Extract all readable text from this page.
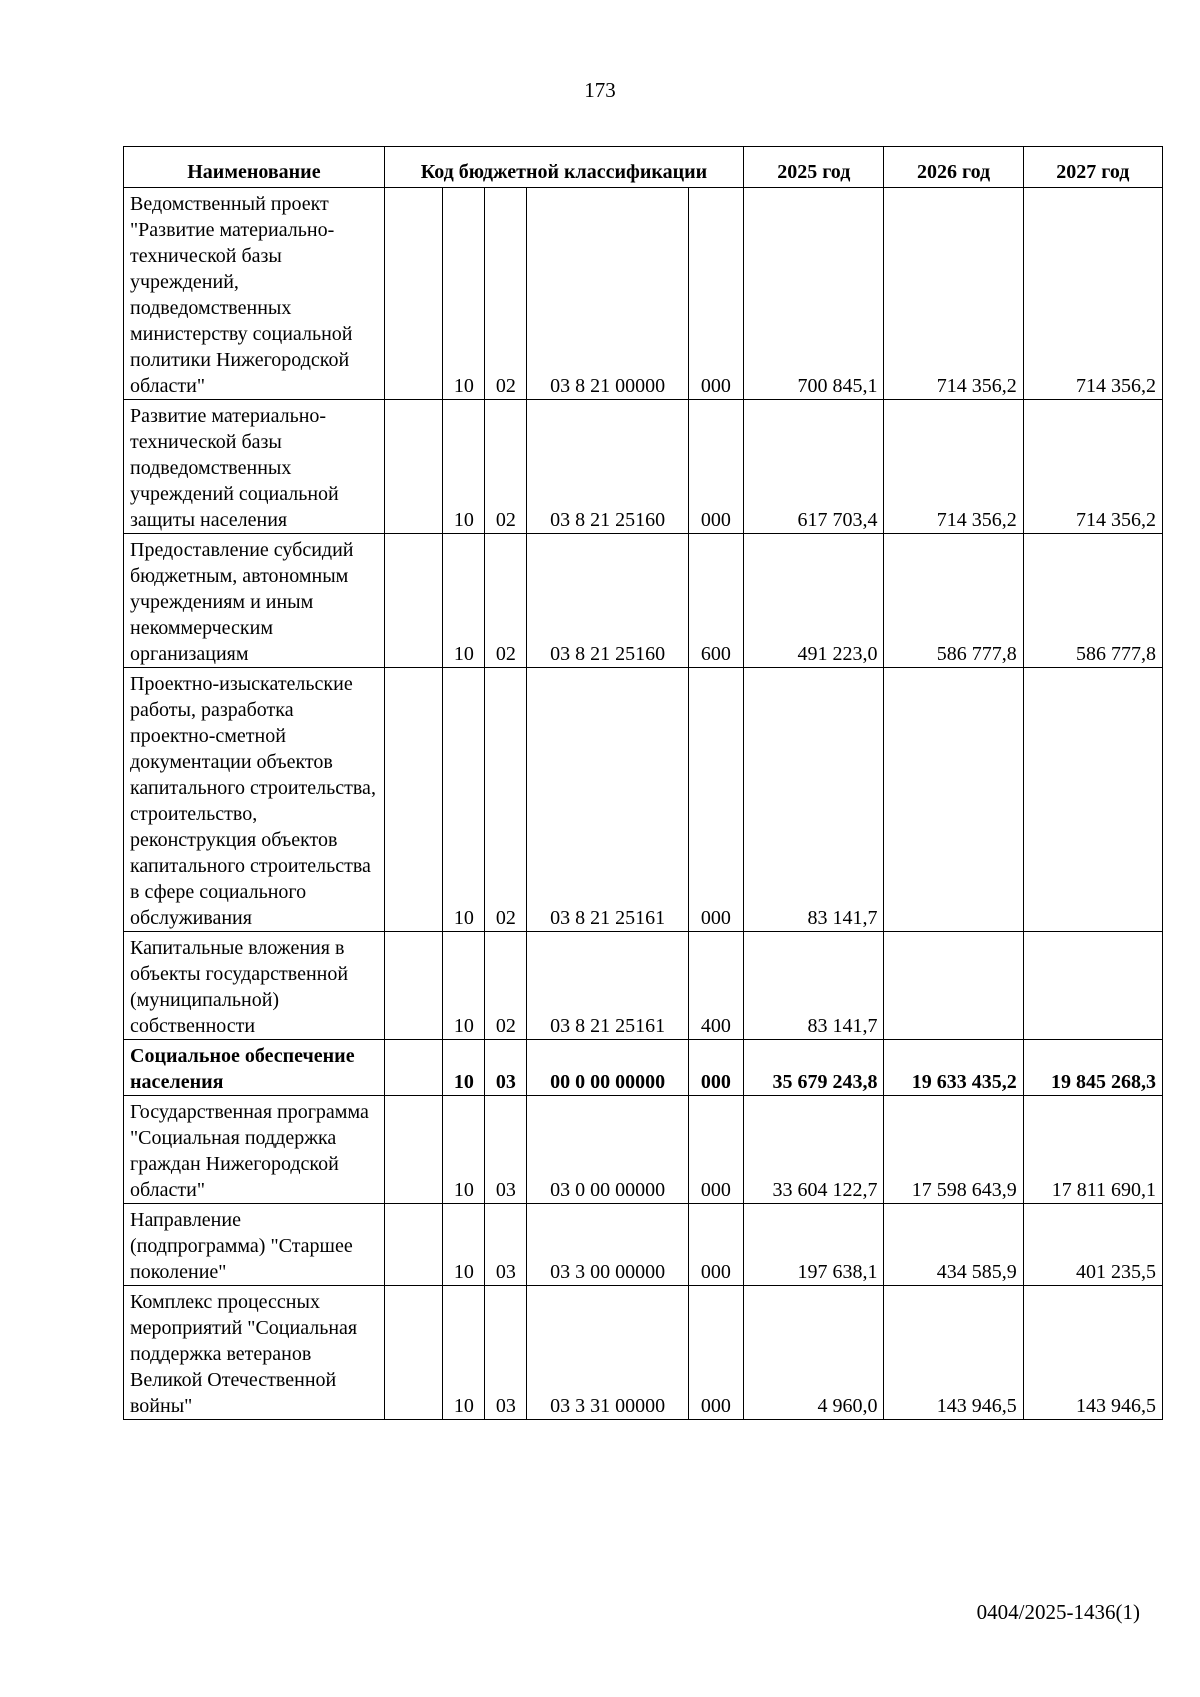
173
Наименование	Код бюджетной классификации					2025 год	2026 год	2027 год
Ведомственный проект "Развитие материально-технической базы учреждений, подведомственных министерству социальной политики Нижегородской области"		10	02	03 8 21 00000	000	700 845,1	714 356,2	714 356,2
Развитие материально-технической базы подведомственных учреждений социальной защиты населения		10	02	03 8 21 25160	000	617 703,4	714 356,2	714 356,2
Предоставление субсидий бюджетным, автономным учреждениям и иным некоммерческим организациям		10	02	03 8 21 25160	600	491 223,0	586 777,8	586 777,8
Проектно-изыскательские работы, разработка проектно-сметной документации объектов капитального строительства, строительство, реконструкция объектов капитального строительства в сфере социального обслуживания		10	02	03 8 21 25161	000	83 141,7		
Капитальные вложения в объекты государственной (муниципальной) собственности		10	02	03 8 21 25161	400	83 141,7		
Социальное обеспечение населения		10	03	00 0 00 00000	000	35 679 243,8	19 633 435,2	19 845 268,3
Государственная программа "Социальная поддержка граждан Нижегородской области"		10	03	03 0 00 00000	000	33 604 122,7	17 598 643,9	17 811 690,1
Направление (подпрограмма) "Старшее поколение"		10	03	03 3 00 00000	000	197 638,1	434 585,9	401 235,5
Комплекс процессных мероприятий "Социальная поддержка ветеранов Великой Отечественной войны"		10	03	03 3 31 00000	000	4 960,0	143 946,5	143 946,5
0404/2025-1436(1)
